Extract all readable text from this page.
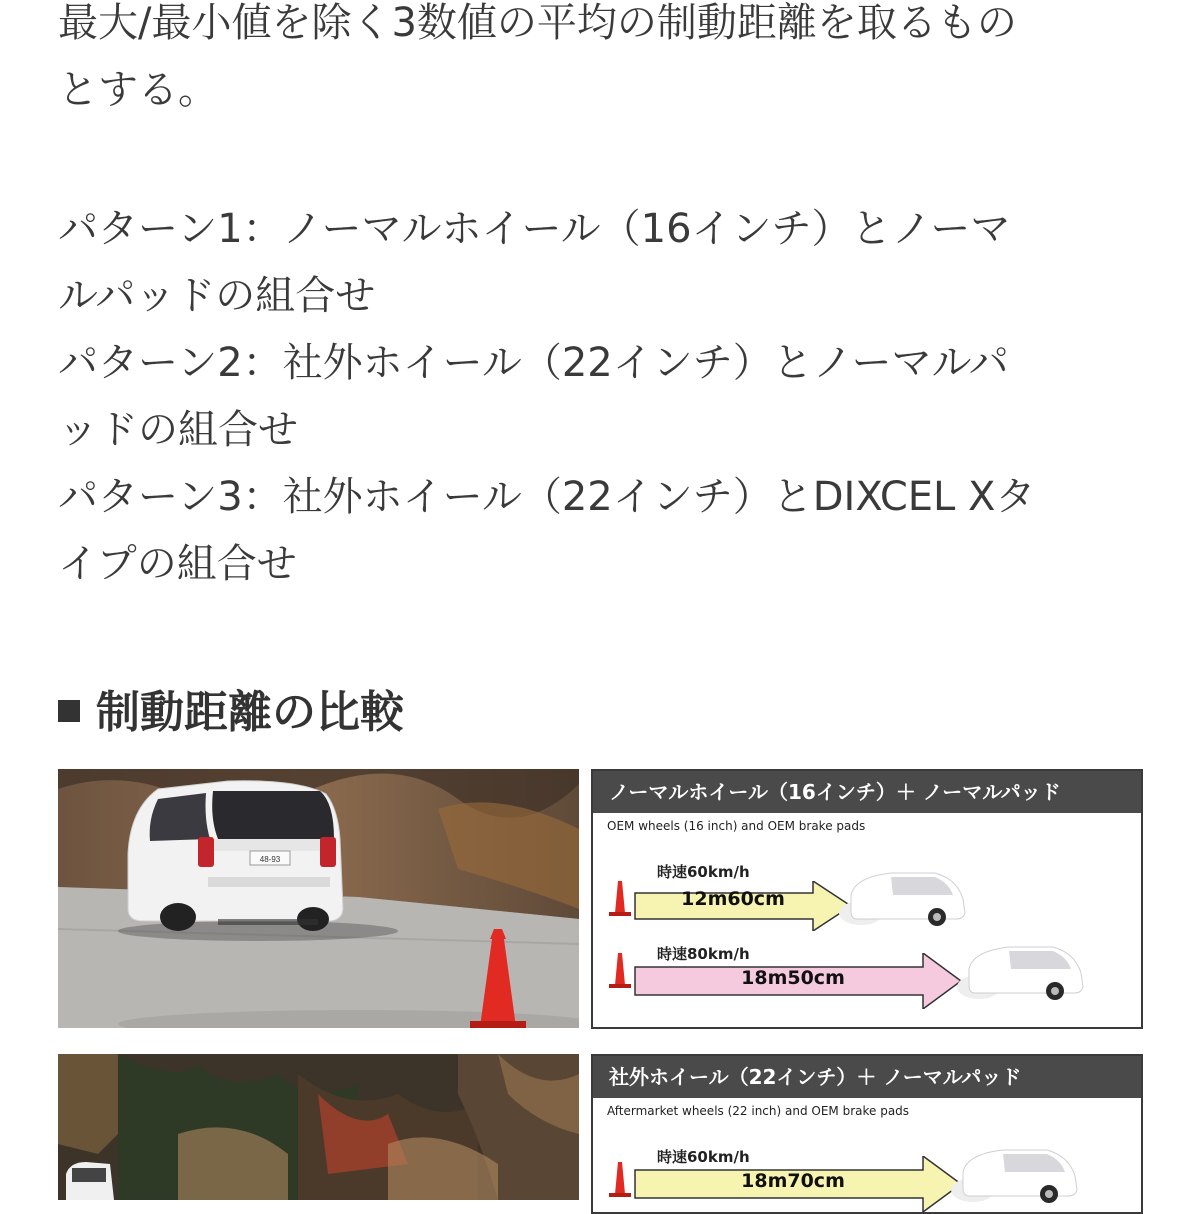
最大/最小値を除く3数値の平均の制動距離を取るもの
とする。

パターン1：ノーマルホイール（16インチ）とノーマ
ルパッドの組合せ
パターン2：社外ホイール（22インチ）とノーマルパ
ッドの組合せ
パターン3：社外ホイール（22インチ）とDIXCEL Xタ
イプの組合せ

制動距離の比較
48-93
ノーマルホイール（16インチ）＋ ノーマルパッド
OEM wheels (16 inch) and OEM brake pads
時速60km/h
12m60cm
時速80km/h
18m50cm
社外ホイール（22インチ）＋ ノーマルパッド
Aftermarket wheels (22 inch) and OEM brake pads
時速60km/h
18m70cm
